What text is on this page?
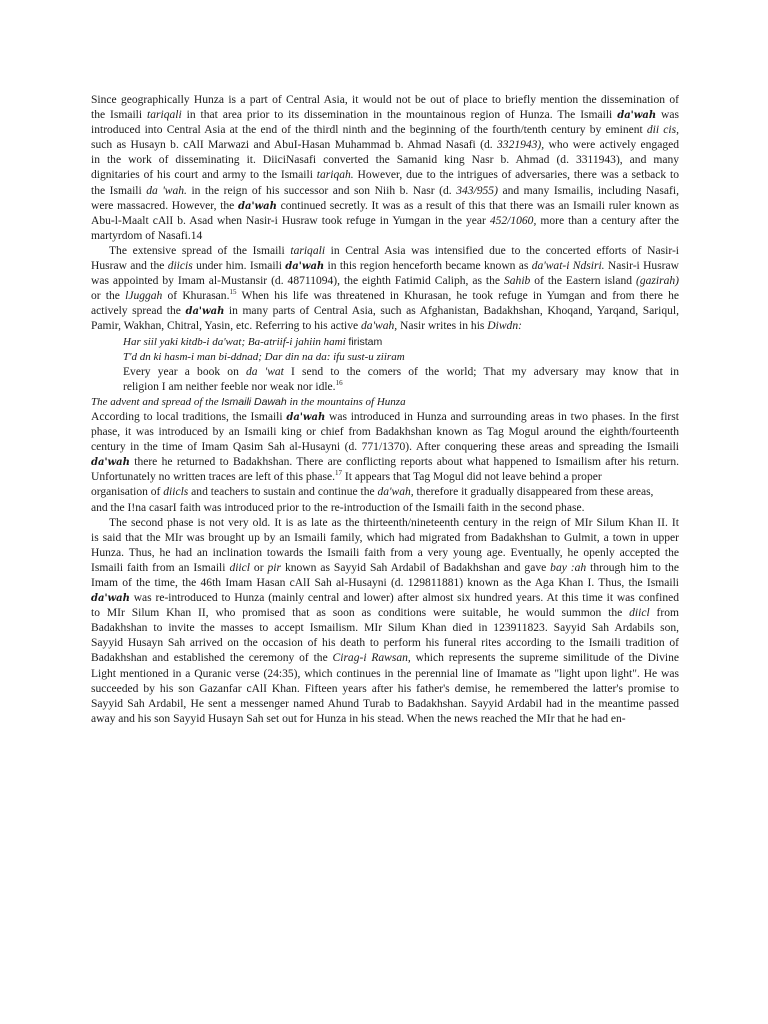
Since geographically Hunza is a part of Central Asia, it would not be out of place to briefly mention the dissemination of

the Ismaili tariqali in that area prior to its dissemination in the mountainous region of Hunza. The Ismaili da'wah was

introduced into Central Asia at the end of the thirdl ninth and the beginning of the fourth/tenth century by eminent dii cis,

such as Husayn b. cAlI Marwazi and AbuI-Hasan Muhammad b. Ahmad Nasafi (d. 3321943), who were actively engaged

in the work of disseminating it. DiiciNasafi converted the Samanid king Nasr b. Ahmad (d. 3311943), and many

dignitaries of his court and army to the Ismaili tariqah. However, due to the intrigues of adversaries, there was a setback to

the Ismaili da 'wah. in the reign of his successor and son Niih b. Nasr (d. 343/955) and many Ismailis, including Nasafi,

were massacred. However, the da'wah continued secretly. It was as a result of this that there was an Ismaili ruler known as

Abu-l-Maalt cAlI b. Asad when Nasir-i Husraw took refuge in Yumgan in the year 452/1060, more than a century after the

martyrdom of Nasafi.14

The extensive spread of the Ismaili tariqali in Central Asia was intensified due to the concerted efforts of Nasir-i

Husraw and the diicis under him. Ismaili da'wah in this region henceforth became known as da'wat-i Ndsiri. Nasir-i Husraw

was appointed by Imam al-Mustansir (d. 48711094), the eighth Fatimid Caliph, as the Sahib of the Eastern island (gazirah)

or the lJuggah of Khurasan.$^{15}$ When his life was threatened in Khurasan, he took refuge in Yumgan and from there he

actively spread the da'wah in many parts of Central Asia, such as Afghanistan, Badakhshan, Khoqand, Yarqand, Sariqul,

Pamir, Wakhan, Chitral, Yasin, etc. Referring to his active da'wah, Nasir writes in his Diwdn:

Har siil yaki kitdb-i da'wat; Ba-atriif-i jahiin hami firistam

T'd dn ki hasm-i man bi-ddnad; Dar din na da: ifu sust-u ziiram

Every year a book on da 'wat I send to the comers of the world; That my adversary may know that in

religion I am neither feeble nor weak nor idle.$^{16}$

The advent and spread of the Ismaili Dawah in the mountains of Hunza

According to local traditions, the Ismaili da'wah was introduced in Hunza and surrounding areas in two phases. In the first

phase, it was introduced by an Ismaili king or chief from Badakhshan known as Tag Mogul around the eighth/fourteenth

century in the time of Imam Qasim Sah al-Husayni (d. 771/1370). After conquering these areas and spreading the Ismaili

da'wah there he returned to Badakhshan. There are conflicting reports about what happened to Ismailism after his return.

Unfortunately no written traces are left of this phase.$^{17}$ It appears that Tag Mogul did not leave behind a proper

organisation of diicls and teachers to sustain and continue the da'wah, therefore it gradually disappeared from these areas,

and the I!na casarI faith was introduced prior to the re-introduction of the Ismaili faith in the second phase.

The second phase is not very old. It is as late as the thirteenth/nineteenth century in the reign of MIr Silum Khan II. It

is said that the MIr was brought up by an Ismaili family, which had migrated from Badakhshan to Gulmit, a town in upper

Hunza. Thus, he had an inclination towards the Ismaili faith from a very young age. Eventually, he openly accepted the

Ismaili faith from an Ismaili diicl or pir known as Sayyid Sah Ardabil of Badakhshan and gave bay :ah through him to the

Imam of the time, the 46th Imam Hasan cAlI Sah al-Husayni (d. 129811881) known as the Aga Khan I. Thus, the Ismaili

da'wah was re-introduced to Hunza (mainly central and lower) after almost six hundred years. At this time it was confined

to MIr Silum Khan II, who promised that as soon as conditions were suitable, he would summon the diicl from

Badakhshan to invite the masses to accept Ismailism. MIr Silum Khan died in 123911823. Sayyid Sah Ardabils son,

Sayyid Husayn Sah arrived on the occasion of his death to perform his funeral rites according to the Ismaili tradition of

Badakhshan and established the ceremony of the Cirag-i Rawsan, which represents the supreme similitude of the Divine

Light mentioned in a Quranic verse (24:35), which continues in the perennial line of Imamate as "light upon light". He was

succeeded by his son Gazanfar cAlI Khan. Fifteen years after his father's demise, he remembered the latter's promise to

Sayyid Sah Ardabil, He sent a messenger named Ahund Turab to Badakhshan. Sayyid Ardabil had in the meantime passed

away and his son Sayyid Husayn Sah set out for Hunza in his stead. When the news reached the MIr that he had en-
